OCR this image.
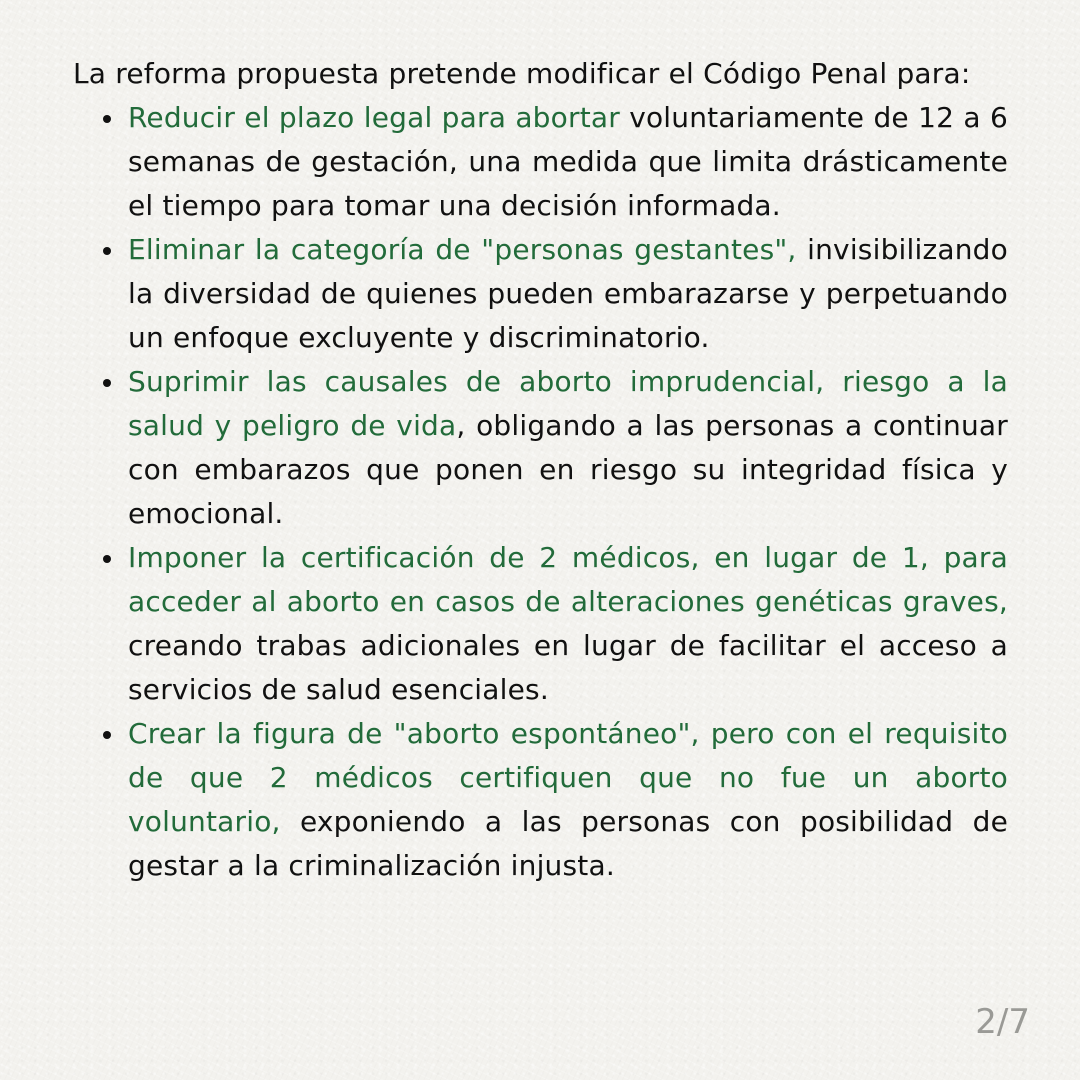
La reforma propuesta pretende modificar el Código Penal para:

Reducir el plazo legal para abortar voluntariamente de 12 a 6 semanas de gestación, una medida que limita drásticamente el tiempo para tomar una decisión informada.
Eliminar la categoría de "personas gestantes", invisibilizando la diversidad de quienes pueden embarazarse y perpetuando un enfoque excluyente y discriminatorio.
Suprimir las causales de aborto imprudencial, riesgo a la salud y peligro de vida, obligando a las personas a continuar con embarazos que ponen en riesgo su integridad física y emocional.
Imponer la certificación de 2 médicos, en lugar de 1, para acceder al aborto en casos de alteraciones genéticas graves, creando trabas adicionales en lugar de facilitar el acceso a servicios de salud esenciales.
Crear la figura de "aborto espontáneo", pero con el requisito de que 2 médicos certifiquen que no fue un aborto voluntario, exponiendo a las personas con posibilidad de gestar a la criminalización injusta.
2/7
